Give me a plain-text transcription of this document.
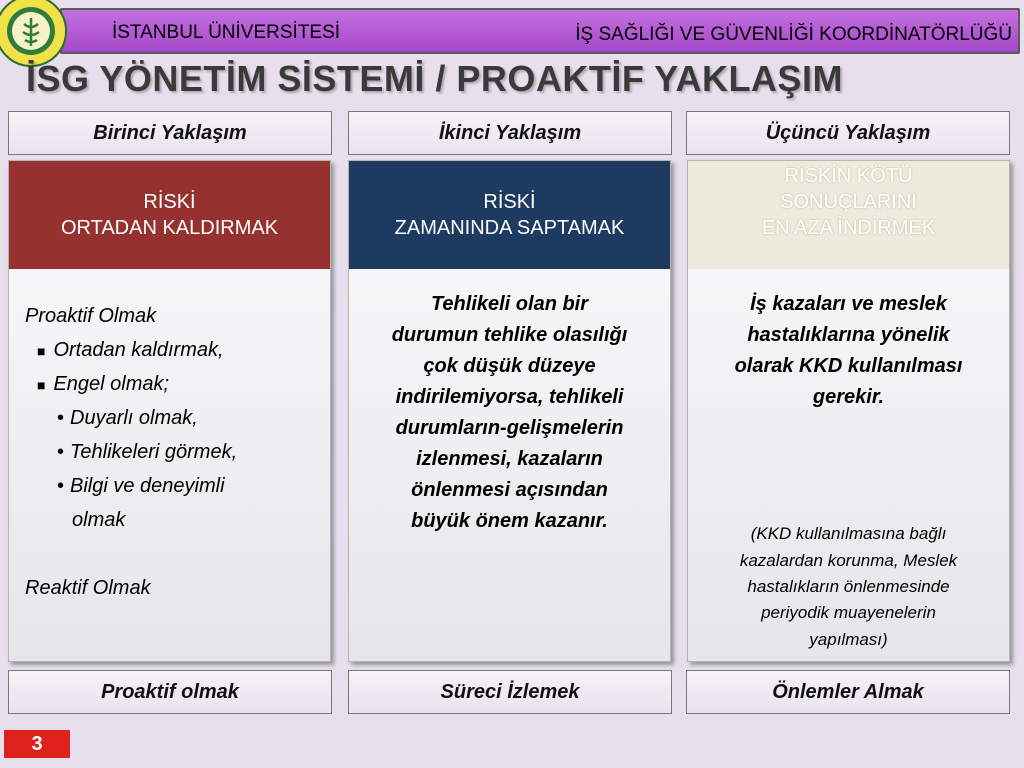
İSTANBUL ÜNİVERSİTESİ	İŞ SAĞLIĞI VE GÜVENLİĞİ KOORDİNATÖRLÜĞÜ
İSG YÖNETİM SİSTEMİ / PROAKTİF YAKLAŞIM
Birinci Yaklaşım	İkinci Yaklaşım	Üçüncü Yaklaşım
RİSKİ
ORTADAN KALDIRMAK
Proaktif Olmak
■ Ortadan kaldırmak,
■ Engel olmak;
• Duyarlı olmak,
• Tehlikeleri görmek,
• Bilgi ve deneyimli
olmak
Reaktif Olmak
RİSKİ
ZAMANINDA SAPTAMAK
Tehlikeli olan bir
durumun tehlike olasılığı
çok düşük düzeye
indirilemiyorsa, tehlikeli
durumların-gelişmelerin
izlenmesi, kazaların
önlenmesi açısından
büyük önem kazanır.
RİSKİN KÖTÜ
SONUÇLARINI
EN AZA İNDİRMEK
İş kazaları ve meslek
hastalıklarına yönelik
olarak KKD kullanılması
gerekir.
(KKD kullanılmasına bağlı
kazalardan korunma, Meslek
hastalıkların önlenmesinde
periyodik muayenelerin
yapılması)
Proaktif olmak	Süreci İzlemek	Önlemler Almak
3
